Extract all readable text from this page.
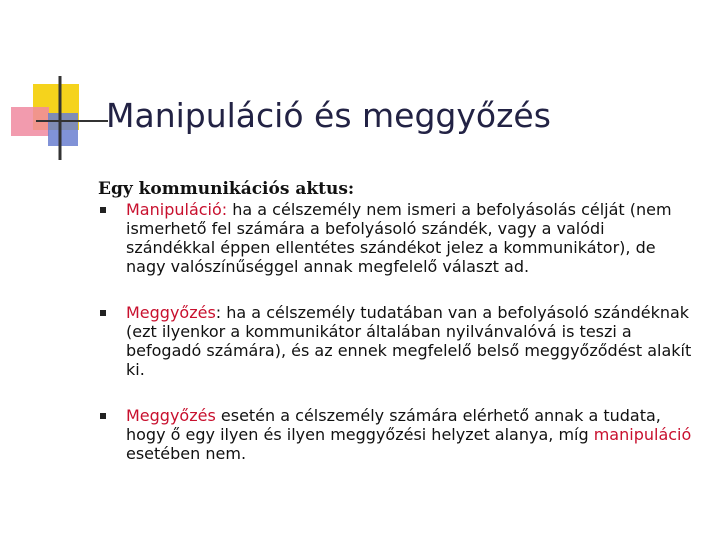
Manipuláció és meggyőzés
Egy kommunikációs aktus:
Manipuláció: ha a célszemély nem ismeri a befolyásolás célját (nem ismerhető fel számára a befolyásoló szándék, vagy a valódi szándékkal éppen ellentétes szándékot jelez a kommunikátor), de nagy valószínűséggel annak megfelelő választ ad.
Meggyőzés: ha a célszemély tudatában van a befolyásoló szándéknak (ezt ilyenkor a kommunikátor általában nyilvánvalóvá is teszi a befogadó számára), és az ennek megfelelő belső meggyőződést alakít ki.
Meggyőzés esetén a célszemély számára elérhető annak a tudata, hogy ő egy ilyen és ilyen meggyőzési helyzet alanya, míg manipuláció esetében nem.
